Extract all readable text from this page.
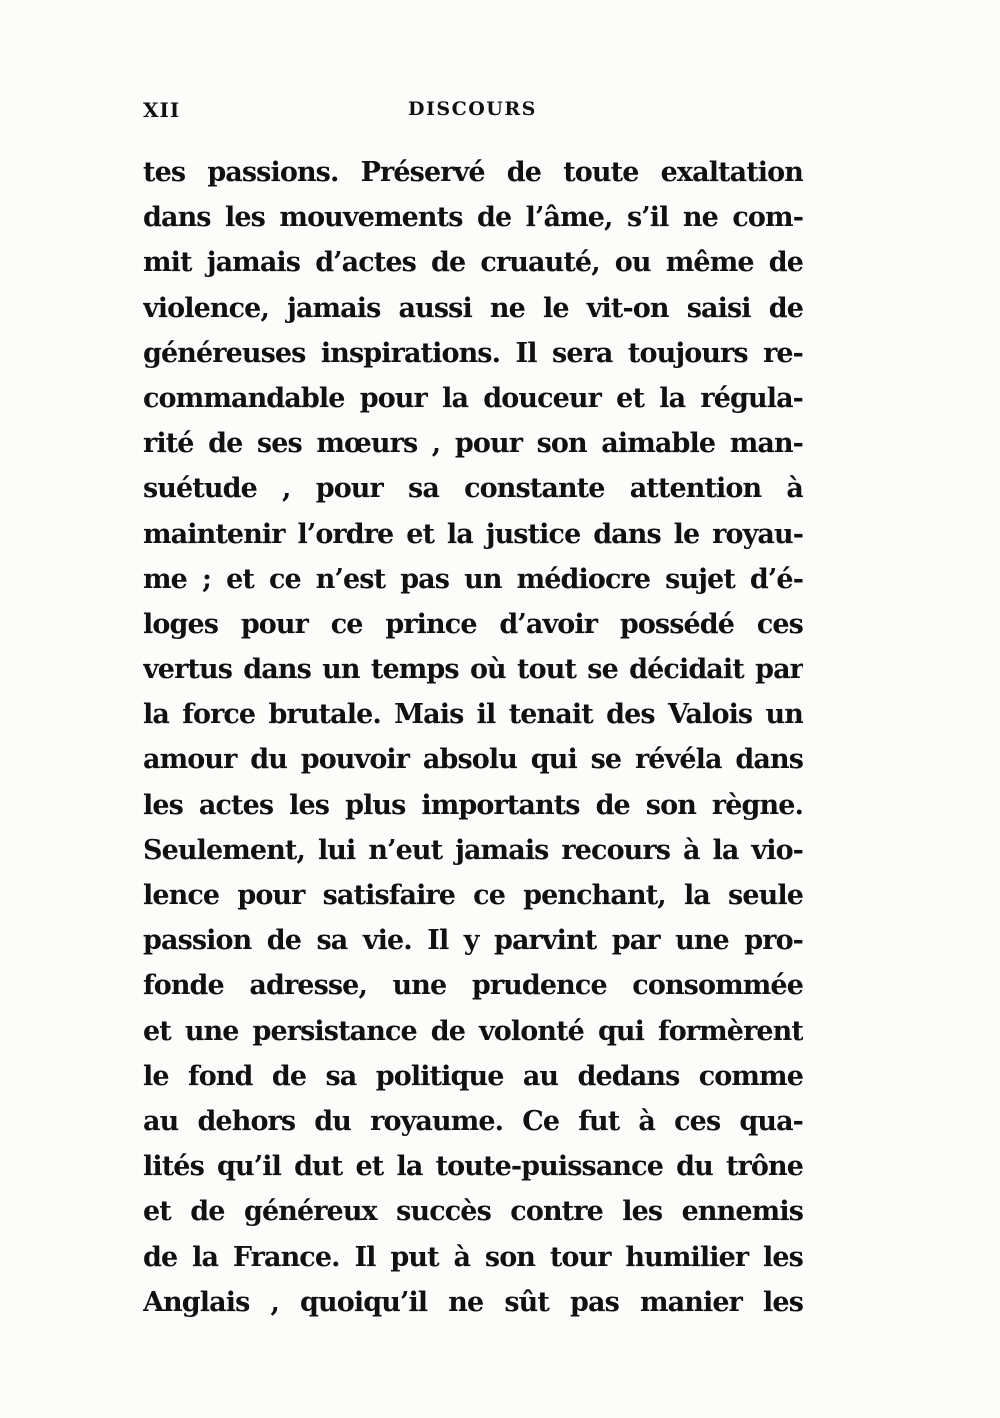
XII	DISCOURS
tes passions. Préservé de toute exaltation
dans les mouvements de l’âme, s’il ne com-
mit jamais d’actes de cruauté, ou même de
violence, jamais aussi ne le vit-on saisi de
généreuses inspirations. Il sera toujours re-
commandable pour la douceur et la régula-
rité de ses mœurs , pour son aimable man-
suétude , pour sa constante attention à
maintenir l’ordre et la justice dans le royau-
me ; et ce n’est pas un médiocre sujet d’é-
loges pour ce prince d’avoir possédé ces
vertus dans un temps où tout se décidait par
la force brutale. Mais il tenait des Valois un
amour du pouvoir absolu qui se révéla dans
les actes les plus importants de son règne.
Seulement, lui n’eut jamais recours à la vio-
lence pour satisfaire ce penchant, la seule
passion de sa vie. Il y parvint par une pro-
fonde adresse, une prudence consommée
et une persistance de volonté qui formèrent
le fond de sa politique au dedans comme
au dehors du royaume. Ce fut à ces qua-
lités qu’il dut et la toute-puissance du trône
et de généreux succès contre les ennemis
de la France. Il put à son tour humilier les
Anglais , quoiqu’il ne sût pas manier les
